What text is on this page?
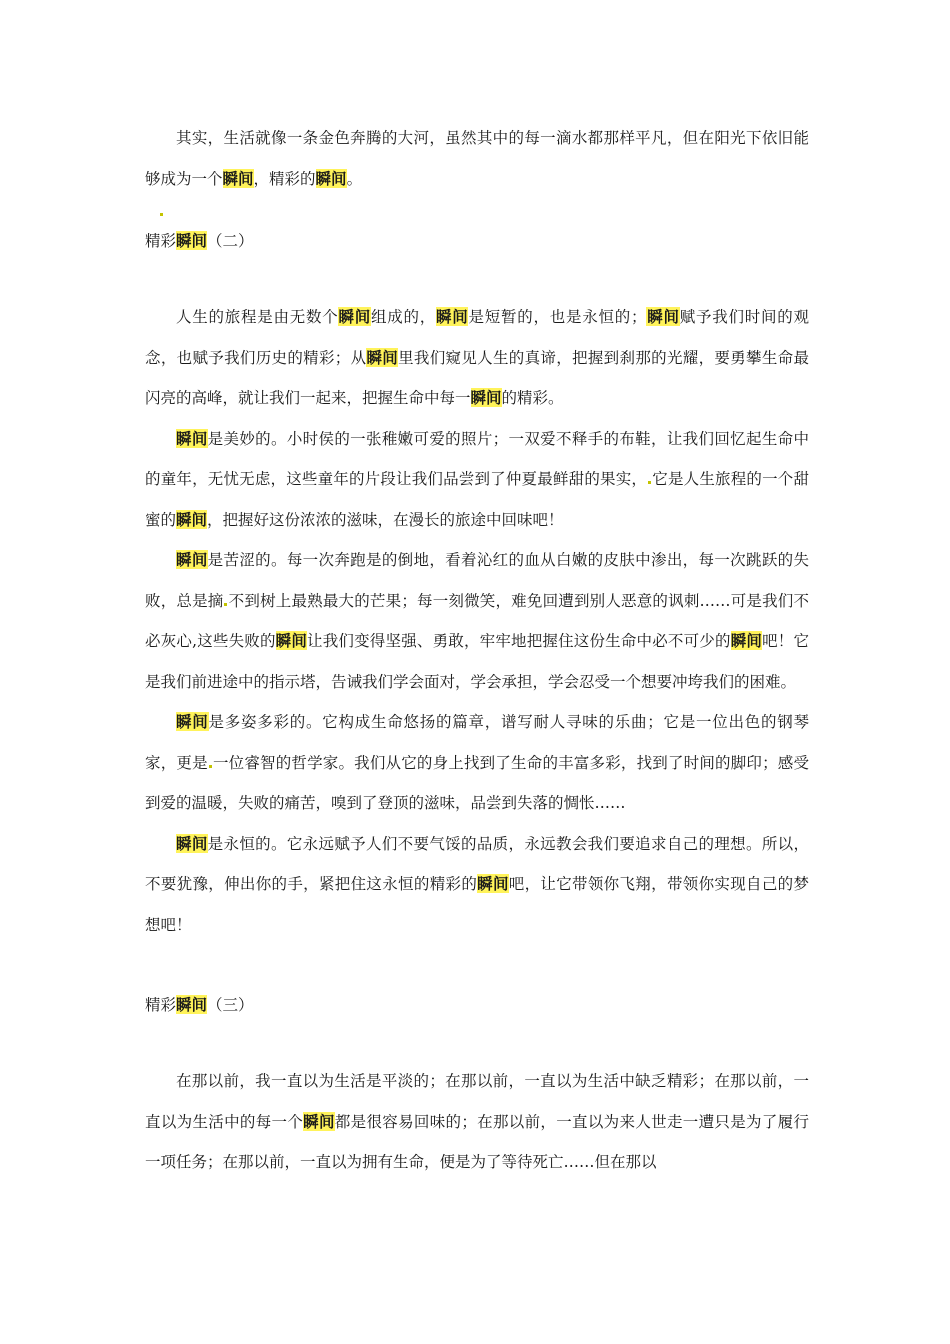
其实，生活就像一条金色奔腾的大河，虽然其中的每一滴水都那样平凡，但在阳光下依旧能够成为一个瞬间，精彩的瞬间。

精彩瞬间（二）

人生的旅程是由无数个瞬间组成的，瞬间是短暂的，也是永恒的；瞬间赋予我们时间的观念，也赋予我们历史的精彩；从瞬间里我们窥见人生的真谛，把握到刹那的光耀，要勇攀生命最闪亮的高峰，就让我们一起来，把握生命中每一瞬间的精彩。

瞬间是美妙的。小时侯的一张稚嫩可爱的照片；一双爱不释手的布鞋，让我们回忆起生命中的童年，无忧无虑，这些童年的片段让我们品尝到了仲夏最鲜甜的果实， 它是人生旅程的一个甜蜜的瞬间，把握好这份浓浓的滋味，在漫长的旅途中回味吧！

瞬间是苦涩的。每一次奔跑是的倒地，看着沁红的血从白嫩的皮肤中渗出，每一次跳跃的失败，总是摘 不到树上最熟最大的芒果；每一刻微笑，难免回遭到别人恶意的讽刺……可是我们不必灰心,这些失败的瞬间让我们变得坚强、勇敢，牢牢地把握住这份生命中必不可少的瞬间吧！它是我们前进途中的指示塔，告诫我们学会面对，学会承担，学会忍受一个想要冲垮我们的困难。

瞬间是多姿多彩的。它构成生命悠扬的篇章，谱写耐人寻味的乐曲；它是一位出色的钢琴家，更是 一位睿智的哲学家。我们从它的身上找到了生命的丰富多彩，找到了时间的脚印；感受到爱的温暖，失败的痛苦，嗅到了登顶的滋味，品尝到失落的惆怅……

瞬间是永恒的。它永远赋予人们不要气馁的品质，永远教会我们要追求自己的理想。所以，不要犹豫，伸出你的手，紧把住这永恒的精彩的瞬间吧，让它带领你飞翔，带领你实现自己的梦想吧！

精彩瞬间（三）

在那以前，我一直以为生活是平淡的；在那以前，一直以为生活中缺乏精彩；在那以前，一直以为生活中的每一个瞬间都是很容易回味的；在那以前，一直以为来人世走一遭只是为了履行一项任务；在那以前，一直以为拥有生命，便是为了等待死亡……但在那以
